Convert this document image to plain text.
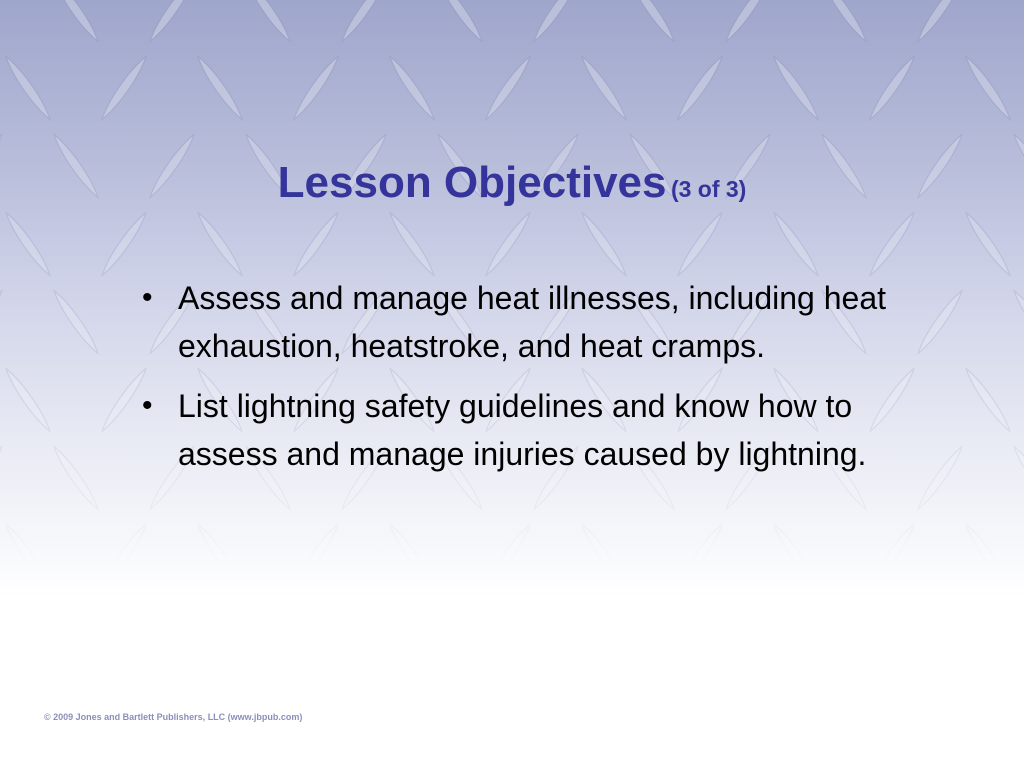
Lesson Objectives (3 of 3)
• Assess and manage heat illnesses, including heat exhaustion, heatstroke, and heat cramps.
• List lightning safety guidelines and know how to assess and manage injuries caused by lightning.
© 2009 Jones and Bartlett Publishers, LLC (www.jbpub.com)
